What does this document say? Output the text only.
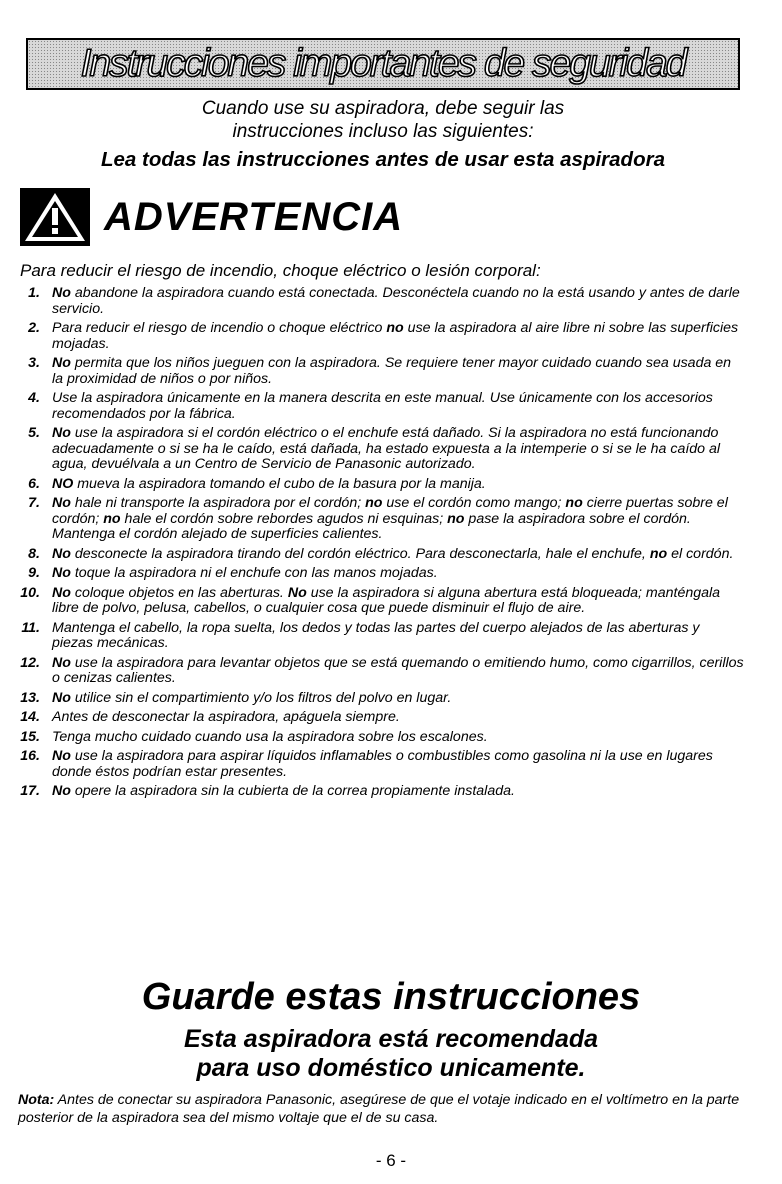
Instrucciones importantes de seguridad
Cuando use su aspiradora, debe seguir las
instrucciones incluso las siguientes:
Lea todas las instrucciones antes de usar esta aspiradora
ADVERTENCIA
Para reducir el riesgo de incendio, choque eléctrico o lesión corporal:
1. No abandone la aspiradora cuando está conectada. Desconéctela cuando no la está usando y antes de darle servicio.
2. Para reducir el riesgo de incendio o choque eléctrico no use la aspiradora al aire libre ni sobre las superficies mojadas.
3. No permita que los niños jueguen con la aspiradora. Se requiere tener mayor cuidado cuando sea usada en la proximidad de niños o por niños.
4. Use la aspiradora únicamente en la manera descrita en este manual. Use únicamente con los accesorios recomendados por la fábrica.
5. No use la aspiradora si el cordón eléctrico o el enchufe está dañado. Si la aspiradora no está funcionando adecuadamente o si se ha le caído, está dañada, ha estado expuesta a la intemperie o si se le ha caído al agua, devuélvala a un Centro de Servicio de Panasonic autorizado.
6. NO mueva la aspiradora tomando el cubo de la basura por la manija.
7. No hale ni transporte la aspiradora por el cordón; no use el cordón como mango; no cierre puertas sobre el cordón; no hale el cordón sobre rebordes agudos ni esquinas; no pase la aspiradora sobre el cordón. Mantenga el cordón alejado de superficies calientes.
8. No desconecte la aspiradora tirando del cordón eléctrico. Para desconectarla, hale el enchufe, no el cordón.
9. No toque la aspiradora ni el enchufe con las manos mojadas.
10. No coloque objetos en las aberturas. No use la aspiradora si alguna abertura está bloqueada; manténgala libre de polvo, pelusa, cabellos, o cualquier cosa que puede disminuir el flujo de aire.
11. Mantenga el cabello, la ropa suelta, los dedos y todas las partes del cuerpo alejados de las aberturas y piezas mecánicas.
12. No use la aspiradora para levantar objetos que se está quemando o emitiendo humo, como cigarrillos, cerillos o cenizas calientes.
13. No utilice sin el compartimiento y/o los filtros del polvo en lugar.
14. Antes de desconectar la aspiradora, apáguela siempre.
15. Tenga mucho cuidado cuando usa la aspiradora sobre los escalones.
16. No use la aspiradora para aspirar líquidos inflamables o combustibles como gasolina ni la use en lugares donde éstos podrían estar presentes.
17. No opere la aspiradora sin la cubierta de la correa propiamente instalada.
Guarde estas instrucciones
Esta aspiradora está recomendada
para uso doméstico unicamente.
Nota: Antes de conectar su aspiradora Panasonic, asegúrese de que el votaje indicado en el voltímetro en la parte posterior de la aspiradora sea del mismo voltaje que el de su casa.
- 6 -
